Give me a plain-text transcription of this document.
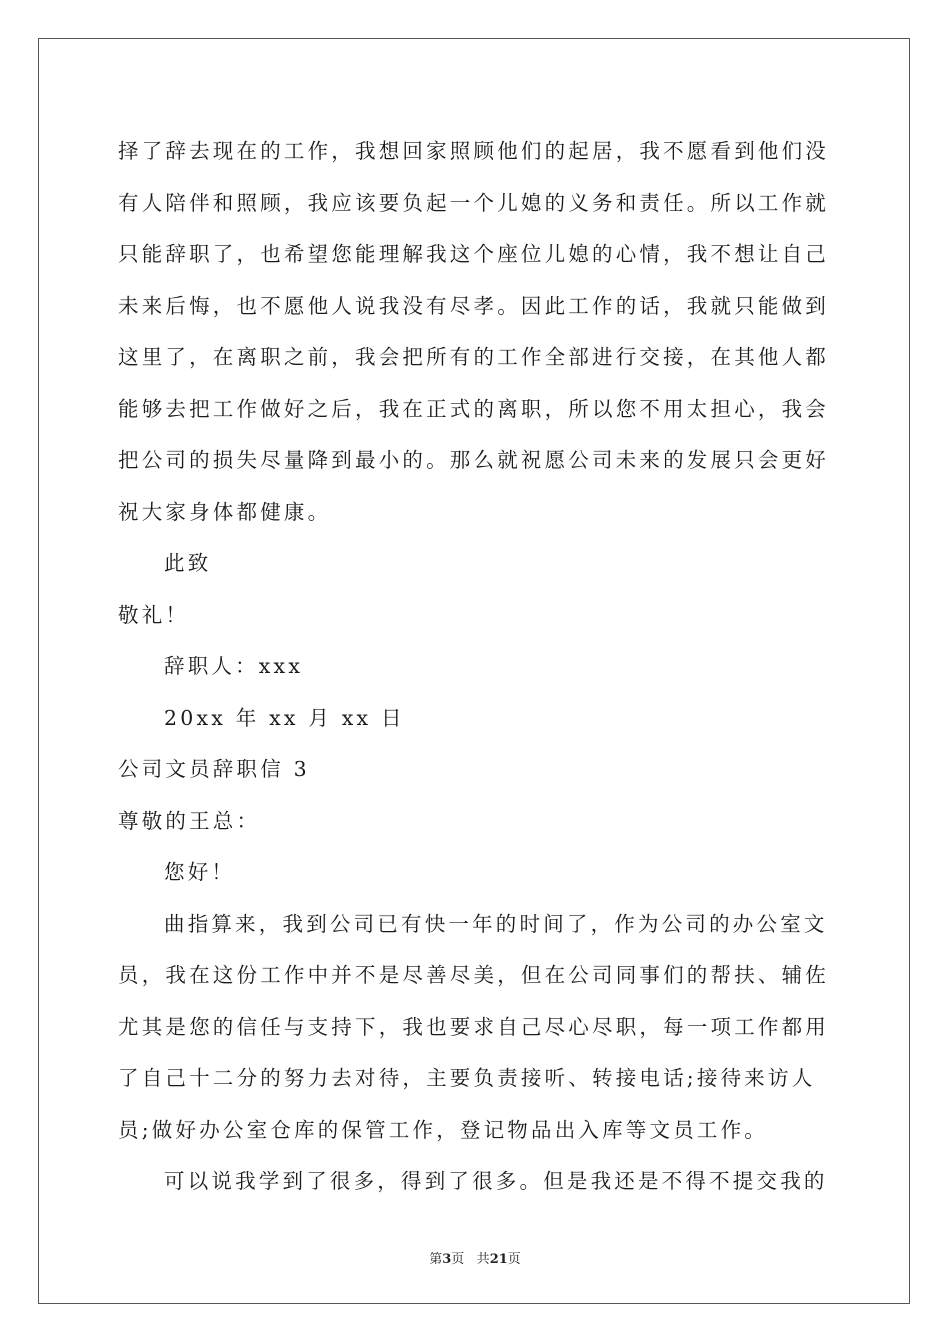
择了辞去现在的工作，我想回家照顾他们的起居，我不愿看到他们没
有人陪伴和照顾，我应该要负起一个儿媳的义务和责任。所以工作就
只能辞职了，也希望您能理解我这个座位儿媳的心情，我不想让自己
未来后悔，也不愿他人说我没有尽孝。因此工作的话，我就只能做到
这里了，在离职之前，我会把所有的工作全部进行交接，在其他人都
能够去把工作做好之后，我在正式的离职，所以您不用太担心，我会
把公司的损失尽量降到最小的。那么就祝愿公司未来的发展只会更好
祝大家身体都健康。
此致
敬礼！
辞职人：xxx
20xx 年 xx 月 xx 日
公司文员辞职信 3
尊敬的王总：
您好！
曲指算来，我到公司已有快一年的时间了，作为公司的办公室文
员，我在这份工作中并不是尽善尽美，但在公司同事们的帮扶、辅佐
尤其是您的信任与支持下，我也要求自己尽心尽职，每一项工作都用
了自己十二分的努力去对待，主要负责接听、转接电话;接待来访人
员;做好办公室仓库的保管工作，登记物品出入库等文员工作。
可以说我学到了很多，得到了很多。但是我还是不得不提交我的
第3页 共21页
